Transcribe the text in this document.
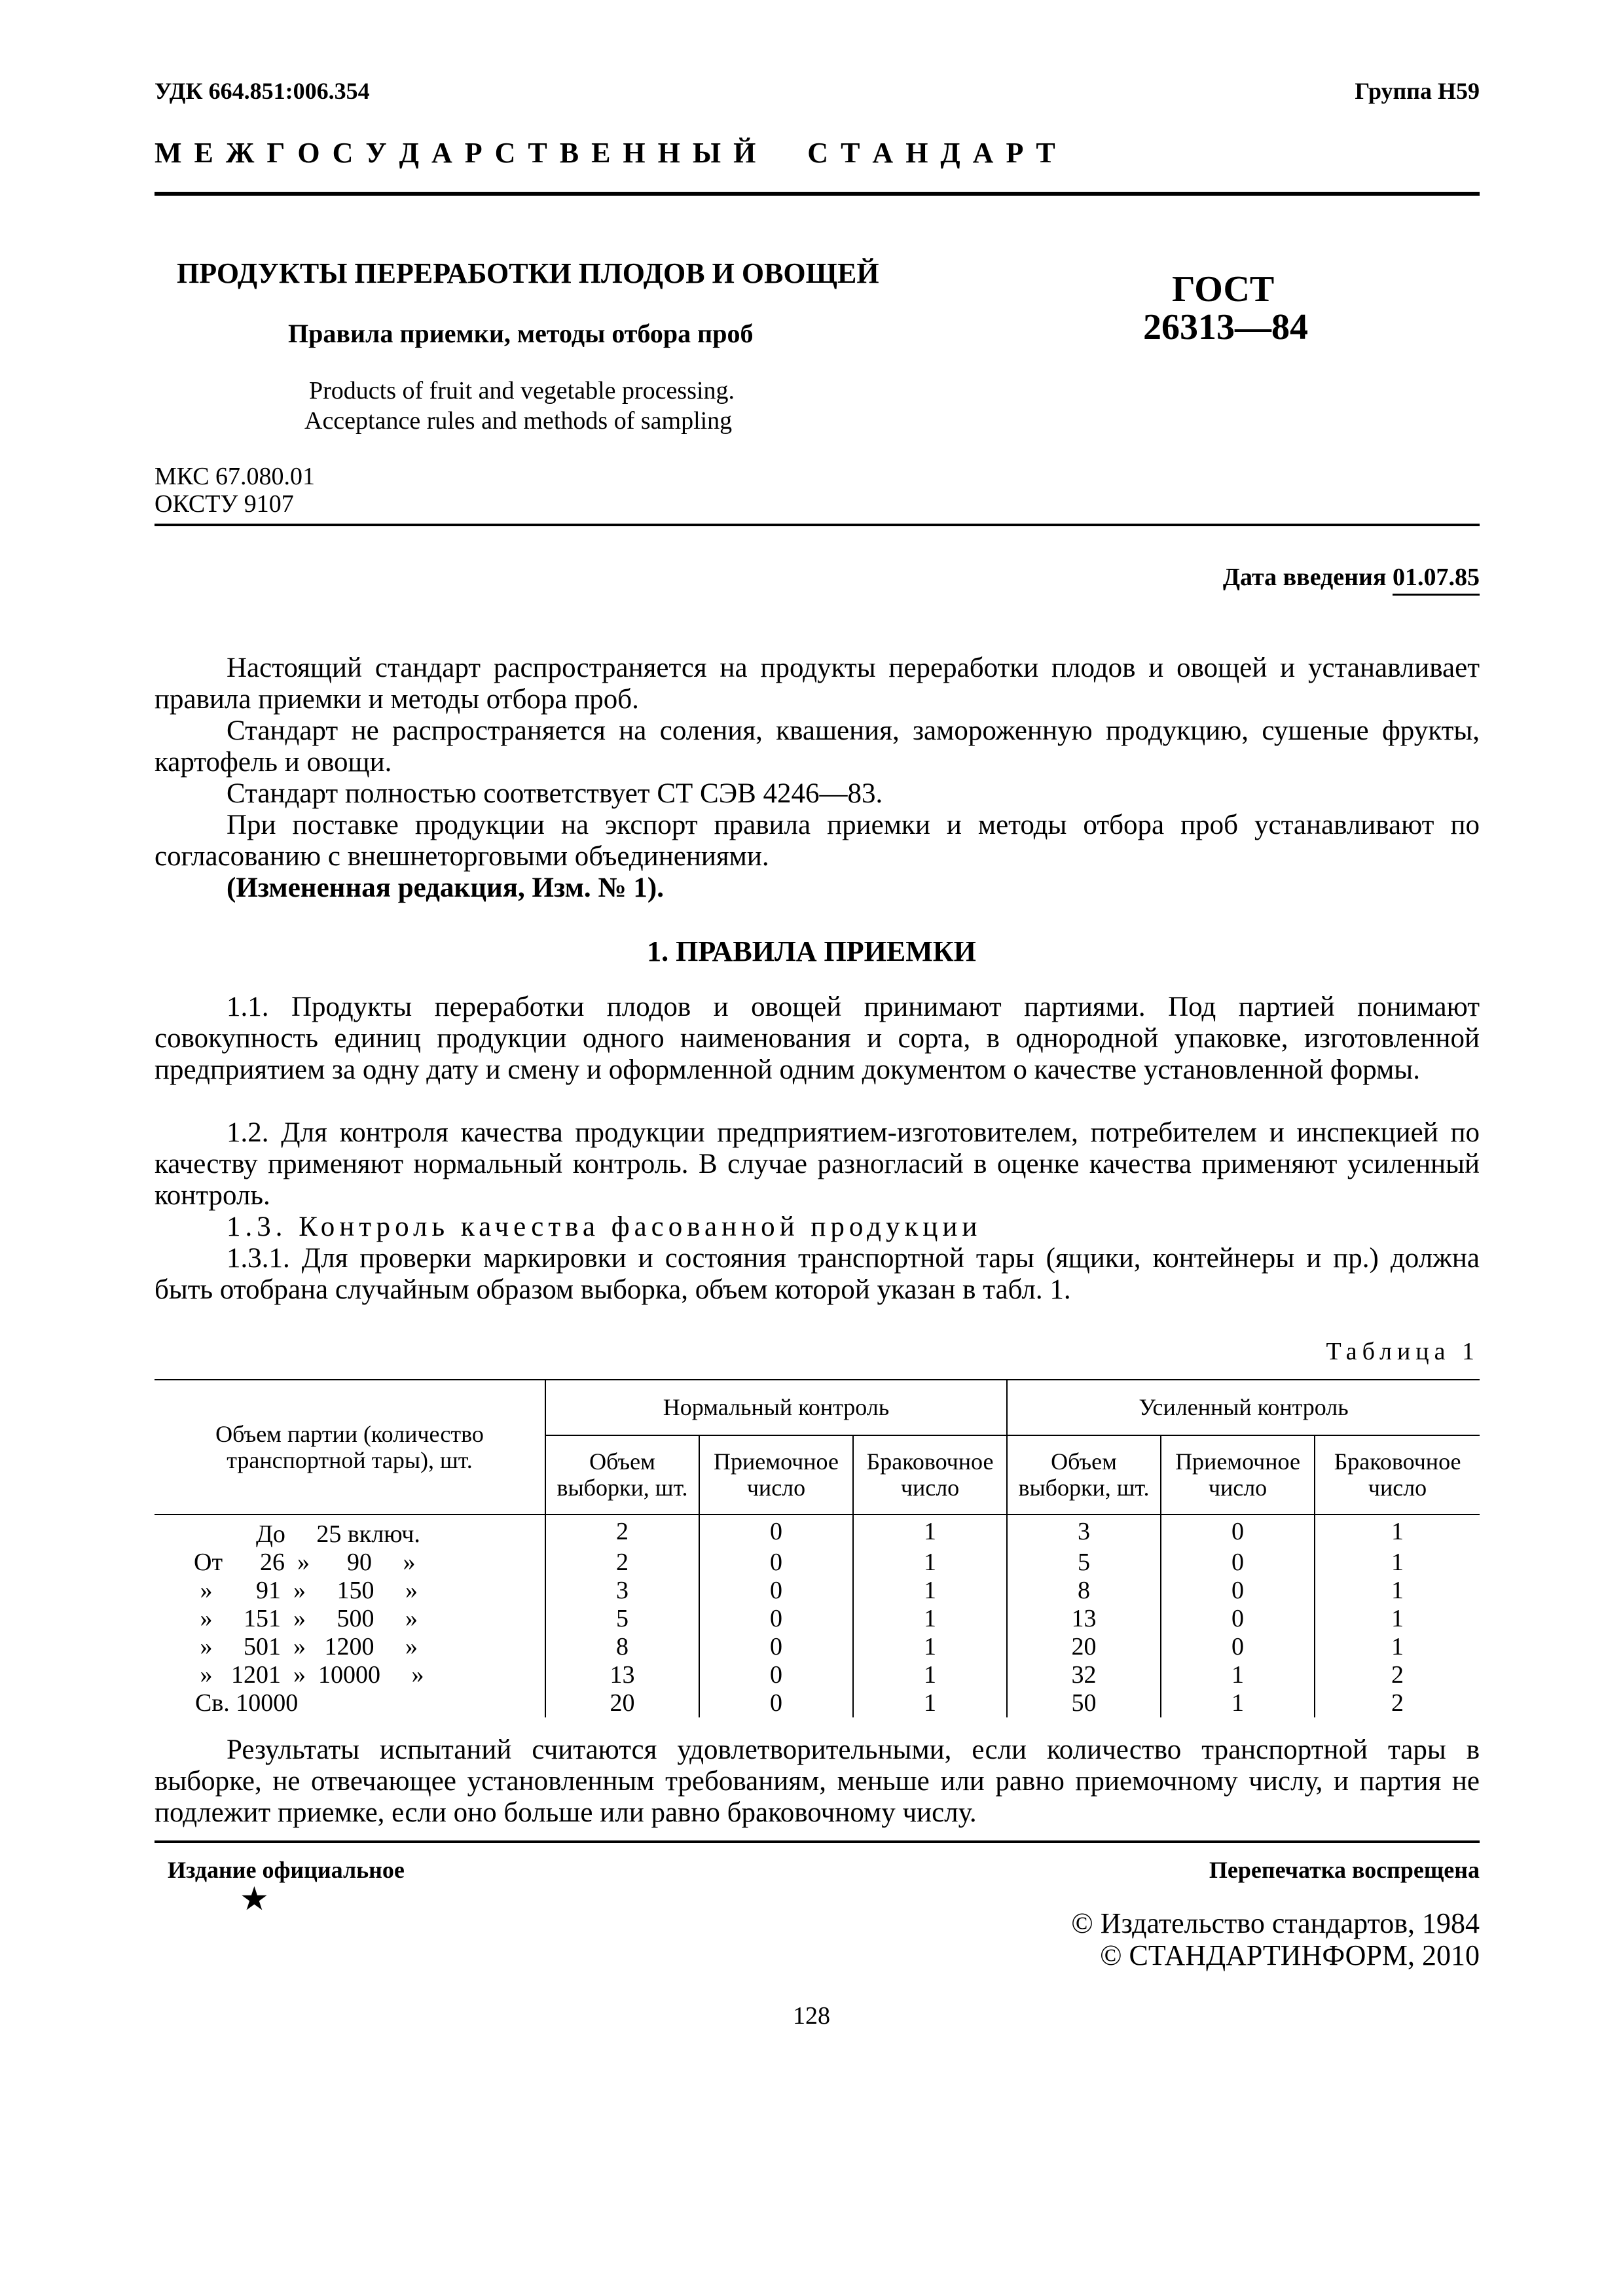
УДК 664.851:006.354	Группа Н59
М Е Ж Г О С У Д А Р С Т В Е Н Н Ы Й     С Т А Н Д А Р Т
ПРОДУКТЫ ПЕРЕРАБОТКИ ПЛОДОВ И ОВОЩЕЙ
Правила приемки, методы отбора проб
Products of fruit and vegetable processing.
Acceptance rules and methods of sampling
ГОСТ
26313—84
МКС 67.080.01
ОКСТУ 9107
Дата введения 01.07.85

Настоящий стандарт распространяется на продукты переработки плодов и овощей и устанавливает правила приемки и методы отбора проб.

Стандарт не распространяется на соления, квашения, замороженную продукцию, сушеные фрукты, картофель и овощи.

Стандарт полностью соответствует СТ СЭВ 4246—83.

При поставке продукции на экспорт правила приемки и методы отбора проб устанавливают по согласованию с внешнеторговыми объединениями.

(Измененная редакция, Изм. № 1).

1. ПРАВИЛА ПРИЕМКИ

1.1. Продукты переработки плодов и овощей принимают партиями. Под партией понимают совокупность единиц продукции одного наименования и сорта, в однородной упаковке, изготовленной предприятием за одну дату и смену и оформленной одним документом о качестве установленной формы.

1.2. Для контроля качества продукции предприятием-изготовителем, потребителем и инспекцией по качеству применяют нормальный контроль. В случае разногласий в оценке качества применяют усиленный контроль.

1.3. Контроль качества фасованной продукции

1.3.1. Для проверки маркировки и состояния транспортной тары (ящики, контейнеры и пр.) должна быть отобрана случайным образом выборка, объем которой указан в табл. 1.

Таблица 1
Объем партии (количество транспортной тары), шт.	Нормальный контроль			Усиленный контроль		
	Объем выборки, шт.	Приемочное число	Браковочное число	Объем выборки, шт.	Приемочное число	Браковочное число
До     25 включ.	2	0	1	3	0	1
От      26  »      90     »	2	0	1	5	0	1
»       91  »     150     »	3	0	1	8	0	1
»     151  »     500     »	5	0	1	13	0	1
»     501  »   1200     »	8	0	1	20	0	1
»   1201  »  10000     »	13	0	1	32	1	2
Св. 10000	20	0	1	50	1	2

Результаты испытаний считаются удовлетворительными, если количество транспортной тары в выборке, не отвечающее установленным требованиям, меньше или равно приемочному числу, и партия не подлежит приемке, если оно больше или равно браковочному числу.

Издание официальное
★
Перепечатка воспрещена
© Издательство стандартов, 1984
© СТАНДАРТИНФОРМ, 2010
128
